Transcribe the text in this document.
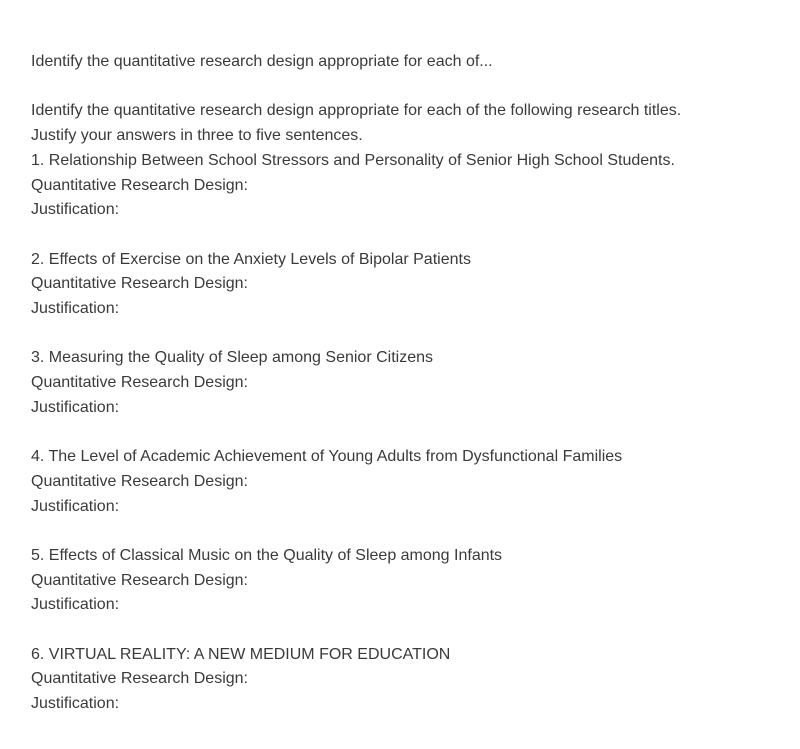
Identify the quantitative research design appropriate for each of...
Identify the quantitative research design appropriate for each of the following research titles.
Justify your answers in three to five sentences.
1. Relationship Between School Stressors and Personality of Senior High School Students.
Quantitative Research Design:
Justification:
2. Effects of Exercise on the Anxiety Levels of Bipolar Patients
Quantitative Research Design:
Justification:
3. Measuring the Quality of Sleep among Senior Citizens
Quantitative Research Design:
Justification:
4. The Level of Academic Achievement of Young Adults from Dysfunctional Families
Quantitative Research Design:
Justification:
5. Effects of Classical Music on the Quality of Sleep among Infants
Quantitative Research Design:
Justification:
6. VIRTUAL REALITY: A NEW MEDIUM FOR EDUCATION
Quantitative Research Design:
Justification:
